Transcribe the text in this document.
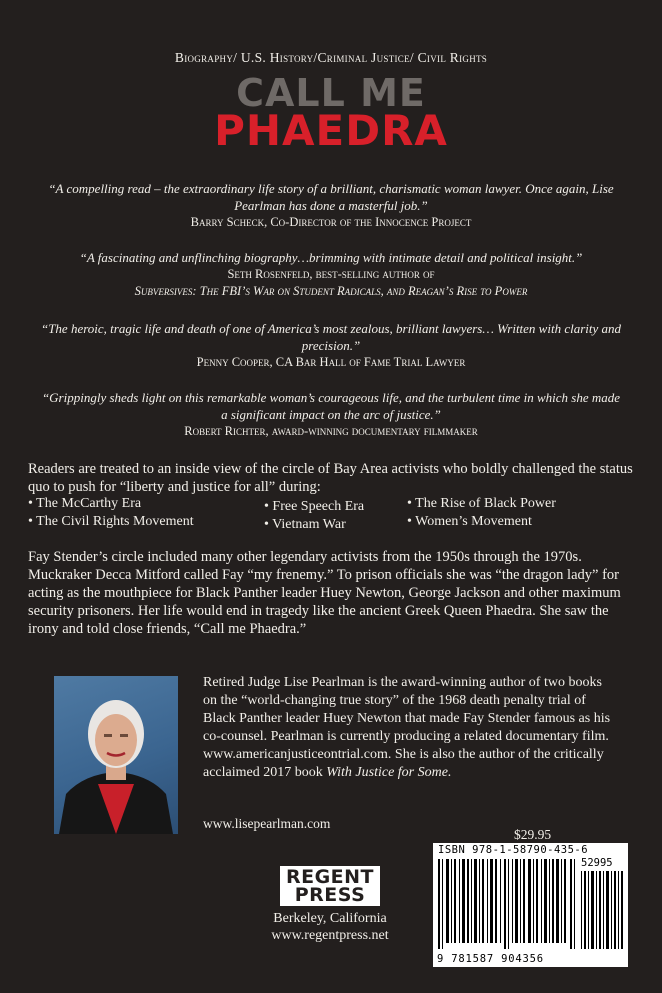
Biography/ U.S. History/Criminal Justice/ Civil Rights
CALL ME
PHAEDRA
“A compelling read – the extraordinary life story of a brilliant, charismatic woman lawyer. Once again, Lise Pearlman has done a masterful job.”
Barry Scheck, Co-Director of the Innocence Project
“A fascinating and unflinching biography…brimming with intimate detail and political insight.”
Seth Rosenfeld, best-selling author of
Subversives: The FBI’s War on Student Radicals, and Reagan’s Rise to Power
“The heroic, tragic life and death of one of America’s most zealous, brilliant lawyers… Written with clarity and precision.”
Penny Cooper, CA Bar Hall of Fame Trial Lawyer
“Grippingly sheds light on this remarkable woman’s courageous life, and the turbulent time in which she made a significant impact on the arc of justice.”
Robert Richter, award-winning documentary filmmaker
Readers are treated to an inside view of the circle of Bay Area activists who boldly challenged the status quo to push for “liberty and justice for all” during:
• The McCarthy Era
• The Civil Rights Movement
• Free Speech Era
• Vietnam War
• The Rise of Black Power
• Women’s Movement
Fay Stender’s circle included many other legendary activists from the 1950s through the 1970s. Muckraker Decca Mitford called Fay “my frenemy.” To prison officials she was “the dragon lady” for acting as the mouthpiece for Black Panther leader Huey Newton, George Jackson and other maximum security prisoners. Her life would end in tragedy like the ancient Greek Queen Phaedra. She saw the irony and told close friends, “Call me Phaedra.”
Retired Judge Lise Pearlman is the award-winning author of two books on the “world-changing true story” of the 1968 death penalty trial of Black Panther leader Huey Newton that made Fay Stender famous as his co-counsel. Pearlman is currently producing a related documentary film. www.americanjusticeontrial.com. She is also the author of the critically acclaimed 2017 book With Justice for Some.
www.lisepearlman.com
$29.95
ISBN 978-1-58790-435-6
52995
9 781587 904356
REGENT
PRESS
Berkeley, California
www.regentpress.net
